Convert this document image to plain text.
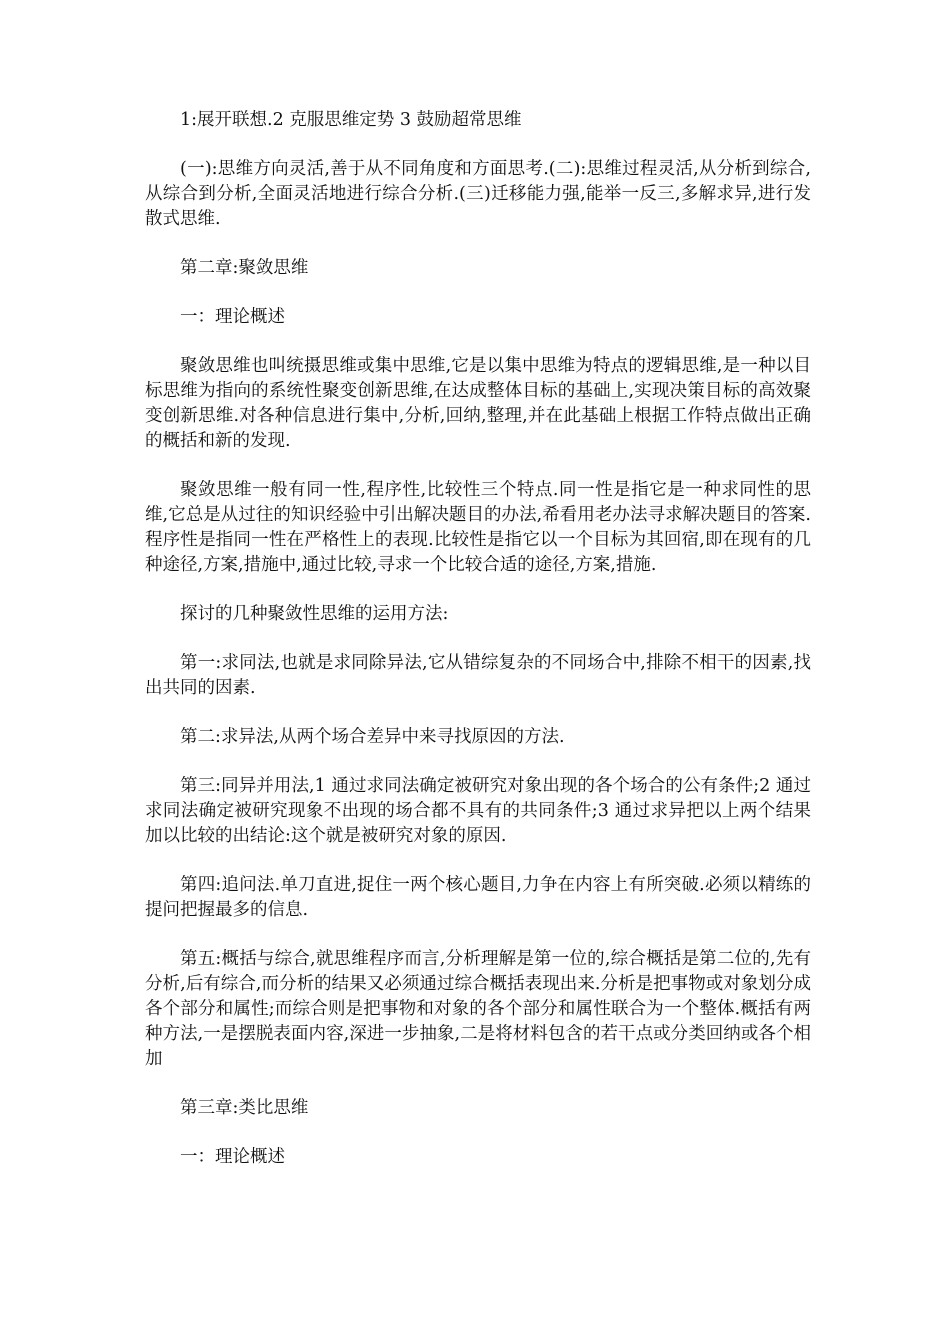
1:展开联想.2 克服思维定势 3 鼓励超常思维

(一):思维方向灵活,善于从不同角度和方面思考.(二):思维过程灵活,从分析到综合,从综合到分析,全面灵活地进行综合分析.(三)迁移能力强,能举一反三,多解求异,进行发散式思维.

第二章:聚敛思维

一：理论概述

聚敛思维也叫统摄思维或集中思维,它是以集中思维为特点的逻辑思维,是一种以目标思维为指向的系统性聚变创新思维,在达成整体目标的基础上,实现决策目标的高效聚变创新思维.对各种信息进行集中,分析,回纳,整理,并在此基础上根据工作特点做出正确的概括和新的发现.

聚敛思维一般有同一性,程序性,比较性三个特点.同一性是指它是一种求同性的思维,它总是从过往的知识经验中引出解决题目的办法,希看用老办法寻求解决题目的答案.程序性是指同一性在严格性上的表现.比较性是指它以一个目标为其回宿,即在现有的几种途径,方案,措施中,通过比较,寻求一个比较合适的途径,方案,措施.

探讨的几种聚敛性思维的运用方法:

第一:求同法,也就是求同除异法,它从错综复杂的不同场合中,排除不相干的因素,找出共同的因素.

第二:求异法,从两个场合差异中来寻找原因的方法.

第三:同异并用法,1 通过求同法确定被研究对象出现的各个场合的公有条件;2 通过求同法确定被研究现象不出现的场合都不具有的共同条件;3 通过求异把以上两个结果加以比较的出结论:这个就是被研究对象的原因.

第四:追问法.单刀直进,捉住一两个核心题目,力争在内容上有所突破.必须以精练的提问把握最多的信息.

第五:概括与综合,就思维程序而言,分析理解是第一位的,综合概括是第二位的,先有分析,后有综合,而分析的结果又必须通过综合概括表现出来.分析是把事物或对象划分成各个部分和属性;而综合则是把事物和对象的各个部分和属性联合为一个整体.概括有两种方法,一是摆脱表面内容,深进一步抽象,二是将材料包含的若干点或分类回纳或各个相加

第三章:类比思维

一：理论概述
